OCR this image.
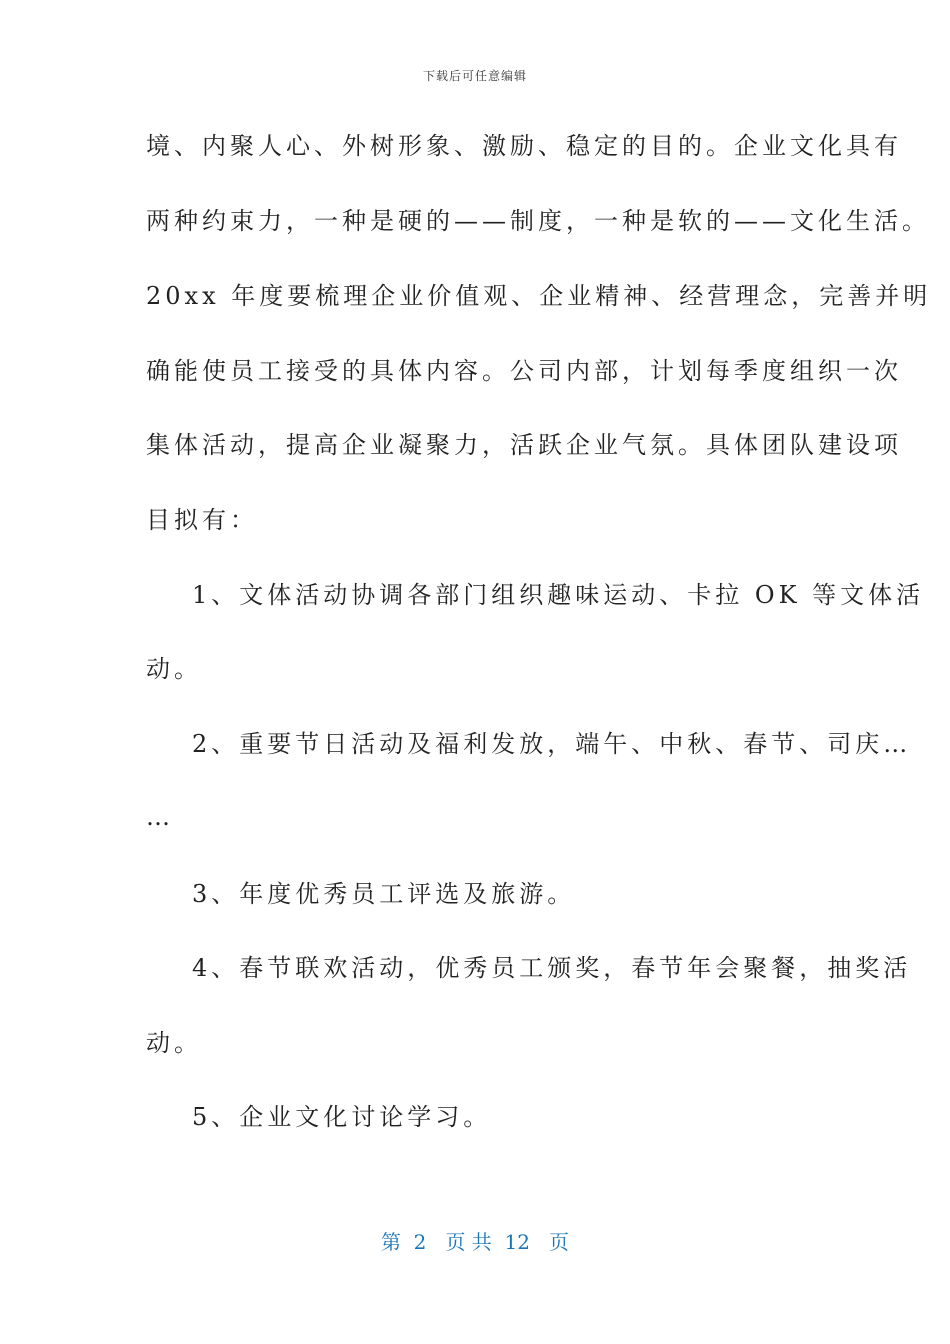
下载后可任意编辑
境、内聚人心、外树形象、激励、稳定的目的。企业文化具有
两种约束力，一种是硬的——制度，一种是软的——文化生活。
20xx 年度要梳理企业价值观、企业精神、经营理念，完善并明
确能使员工接受的具体内容。公司内部，计划每季度组织一次
集体活动，提高企业凝聚力，活跃企业气氛。具体团队建设项
目拟有：
1、文体活动协调各部门组织趣味运动、卡拉 OK 等文体活
动。
2、重要节日活动及福利发放，端午、中秋、春节、司庆…
…
3、年度优秀员工评选及旅游。
4、春节联欢活动，优秀员工颁奖，春节年会聚餐，抽奖活
动。
5、企业文化讨论学习。
第  2   页 共  12   页
